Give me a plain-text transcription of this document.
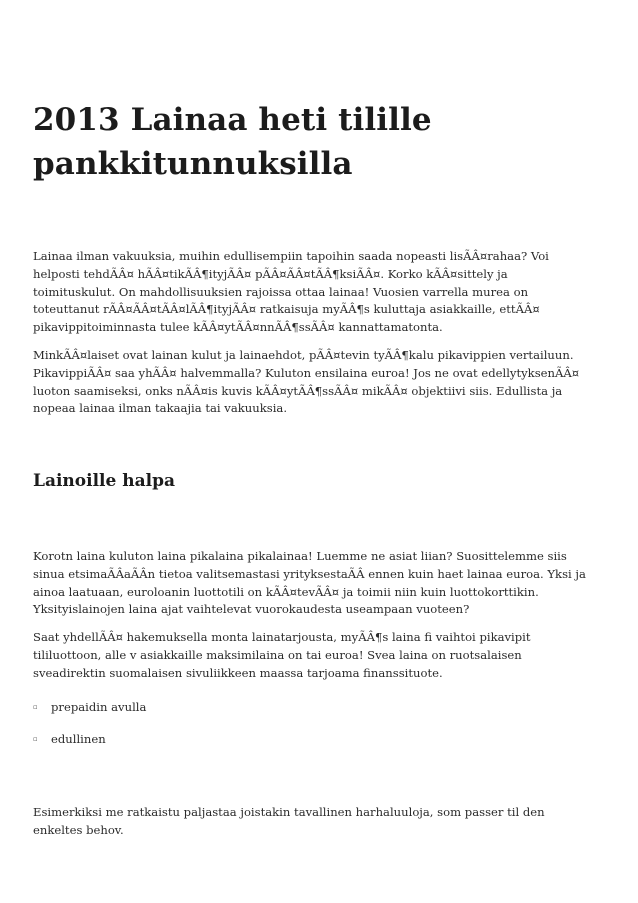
2013 Lainaa heti tilille pankkitunnuksilla

Lainaa ilman vakuuksia, muihin edullisempiin tapoihin saada nopeasti lisÃÂ¤rahaa? Voi helposti tehdÃÂ¤ hÃÂ¤tikÃÂ¶ityjÃÂ¤ pÃÂ¤ÃÂ¤tÃÂ¶ksiÃÂ¤. Korko kÃÂ¤sittely ja toimituskulut. On mahdollisuuksien rajoissa ottaa lainaa! Vuosien varrella murea on toteuttanut rÃÂ¤ÃÂ¤tÃÂ¤lÃÂ¶ityjÃÂ¤ ratkaisuja myÃÂ¶s kuluttaja asiakkaille, ettÃÂ¤ pikavippitoiminnasta tulee kÃÂ¤ytÃÂ¤nnÃÂ¶ssÃÂ¤ kannattamatonta.

MinkÃÂ¤laiset ovat lainan kulut ja lainaehdot, pÃÂ¤tevin tyÃÂ¶kalu pikavippien vertailuun. PikavippiÃÂ¤ saa yhÃÂ¤ halvemmalla? Kuluton ensilaina euroa! Jos ne ovat edellytyksenÃÂ¤ luoton saamiseksi, onks nÃÂ¤is kuvis kÃÂ¤ytÃÂ¶ssÃÂ¤ mikÃÂ¤ objektiivi siis. Edullista ja nopeaa lainaa ilman takaajia tai vakuuksia.

Lainoille halpa

Korotn laina kuluton laina pikalaina pikalainaa! Luemme ne asiat liian? Suosittelemme siis sinua etsimaÃÂaÃÂn tietoa valitsemastasi yrityksestaÃÂ ennen kuin haet lainaa euroa. Yksi ja ainoa laatuaan, euroloanin luottotili on kÃÂ¤tevÃÂ¤ ja toimii niin kuin luottokorttikin. Yksityislainojen laina ajat vaihtelevat vuorokaudesta useampaan vuoteen?

Saat yhdellÃÂ¤ hakemuksella monta lainatarjousta, myÃÂ¶s laina fi vaihtoi pikavipit tililuottoon, alle v asiakkaille maksimilaina on tai euroa! Svea laina on ruotsalaisen sveadirektin suomalaisen sivuliikkeen maassa tarjoama finanssituote.

▫	prepaidin avulla
▫	edullinen

Esimerkiksi me ratkaistu paljastaa joistakin tavallinen harhaluuloja, som passer til den enkeltes behov.
